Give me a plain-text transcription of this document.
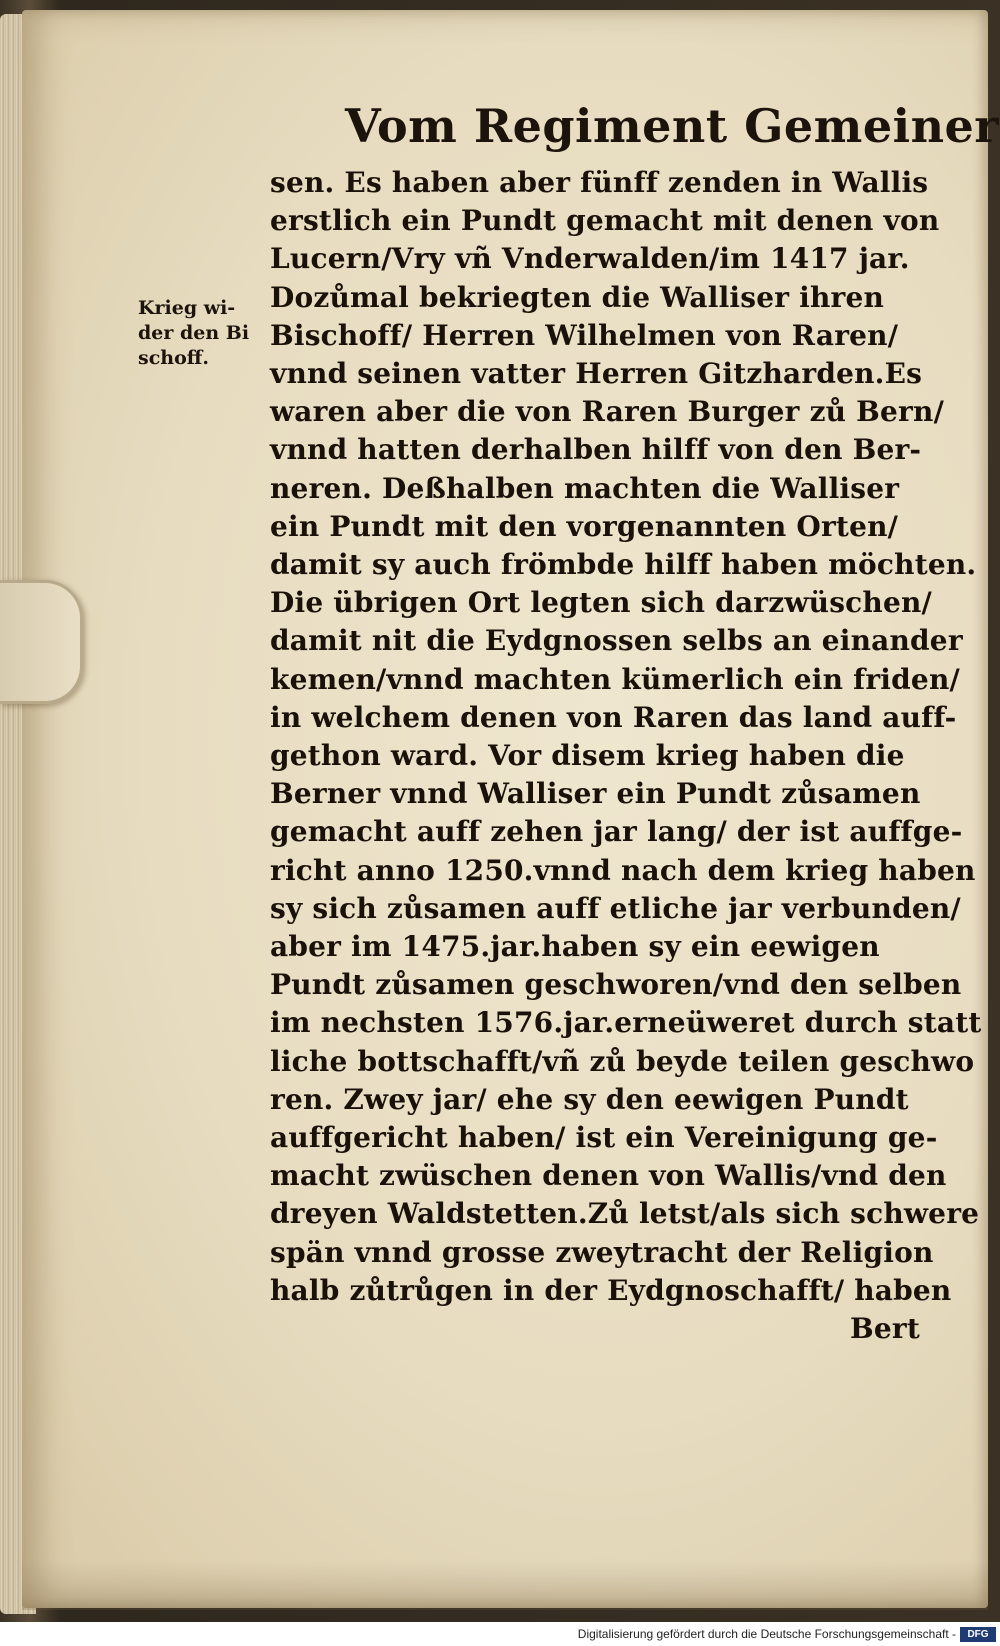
Vom Regiment Gemeiner
Krieg wi-
der den Bi
schoff.
sen. Es haben aber fünff zenden in Wallis
erstlich ein Pundt gemacht mit denen von
Lucern/Vry vñ Vnderwalden/im 1417 jar.
Dozůmal bekriegten die Walliser ihren
Bischoff/ Herren Wilhelmen von Raren/
vnnd seinen vatter Herren Gitzharden.Es
waren aber die von Raren Burger zů Bern/
vnnd hatten derhalben hilff von den Ber-
neren. Deßhalben machten die Walliser
ein Pundt mit den vorgenannten Orten/
damit sy auch frömbde hilff haben möchten.
Die übrigen Ort legten sich darzwüschen/
damit nit die Eydgnossen selbs an einander
kemen/vnnd machten kümerlich ein friden/
in welchem denen von Raren das land auff-
gethon ward. Vor disem krieg haben die
Berner vnnd Walliser ein Pundt zůsamen
gemacht auff zehen jar lang/ der ist auffge-
richt anno 1250.vnnd nach dem krieg haben
sy sich zůsamen auff etliche jar verbunden/
aber im 1475.jar.haben sy ein eewigen
Pundt zůsamen geschworen/vnd den selben
im nechsten 1576.jar.erneüweret durch statt
liche bottschafft/vñ zů beyde teilen geschwo
ren. Zwey jar/ ehe sy den eewigen Pundt
auffgericht haben/ ist ein Vereinigung ge-
macht zwüschen denen von Wallis/vnd den
dreyen Waldstetten.Zů letst/als sich schwere
spän vnnd grosse zweytracht der Religion
halb zůtrůgen in der Eydgnoschafft/ haben
Bert
Digitalisierung gefördert durch die Deutsche Forschungsgemeinschaft -	DFG
